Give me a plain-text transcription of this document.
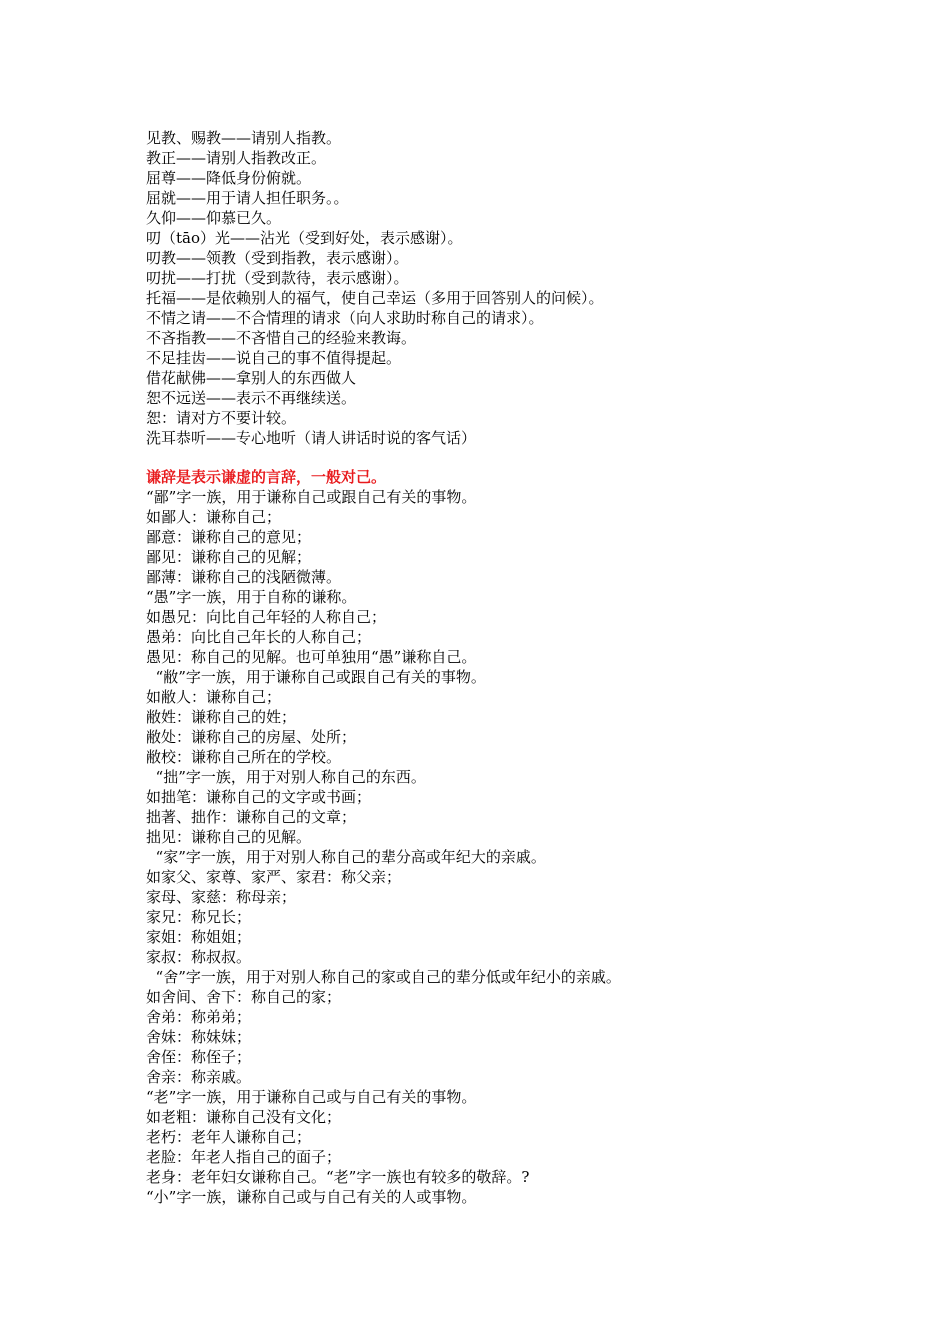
见教、赐教——请别人指教。
教正——请别人指教改正。
屈尊——降低身份俯就。
屈就——用于请人担任职务。。
久仰——仰慕已久。
叨（tāo）光——沾光（受到好处，表示感谢）。
叨教——领教（受到指教，表示感谢）。
叨扰——打扰（受到款待，表示感谢）。
托福——是依赖别人的福气，使自己幸运（多用于回答别人的问候）。
不情之请——不合情理的请求（向人求助时称自己的请求）。
不吝指教——不吝惜自己的经验来教诲。
不足挂齿——说自己的事不值得提起。
借花献佛——拿别人的东西做人
恕不远送——表示不再继续送。
恕：请对方不要计较。
洗耳恭听——专心地听（请人讲话时说的客气话）
谦辞是表示谦虚的言辞，一般对己。
“鄙”字一族，用于谦称自己或跟自己有关的事物。
如鄙人：谦称自己；
鄙意：谦称自己的意见；
鄙见：谦称自己的见解；
鄙薄：谦称自己的浅陋微薄。
“愚”字一族，用于自称的谦称。
如愚兄：向比自己年轻的人称自己；
愚弟：向比自己年长的人称自己；
愚见：称自己的见解。也可单独用“愚”谦称自己。
“敝”字一族，用于谦称自己或跟自己有关的事物。
如敝人：谦称自己；
敝姓：谦称自己的姓；
敝处：谦称自己的房屋、处所；
敝校：谦称自己所在的学校。
“拙”字一族，用于对别人称自己的东西。
如拙笔：谦称自己的文字或书画；
拙著、拙作：谦称自己的文章；
拙见：谦称自己的见解。
“家”字一族，用于对别人称自己的辈分高或年纪大的亲戚。
如家父、家尊、家严、家君：称父亲；
家母、家慈：称母亲；
家兄：称兄长；
家姐：称姐姐；
家叔：称叔叔。
“舍”字一族，用于对别人称自己的家或自己的辈分低或年纪小的亲戚。
如舍间、舍下：称自己的家；
舍弟：称弟弟；
舍妹：称妹妹；
舍侄：称侄子；
舍亲：称亲戚。
“老”字一族，用于谦称自己或与自己有关的事物。
如老粗：谦称自己没有文化；
老朽：老年人谦称自己；
老脸：年老人指自己的面子；
老身：老年妇女谦称自己。“老”字一族也有较多的敬辞。?
“小”字一族，谦称自己或与自己有关的人或事物。
